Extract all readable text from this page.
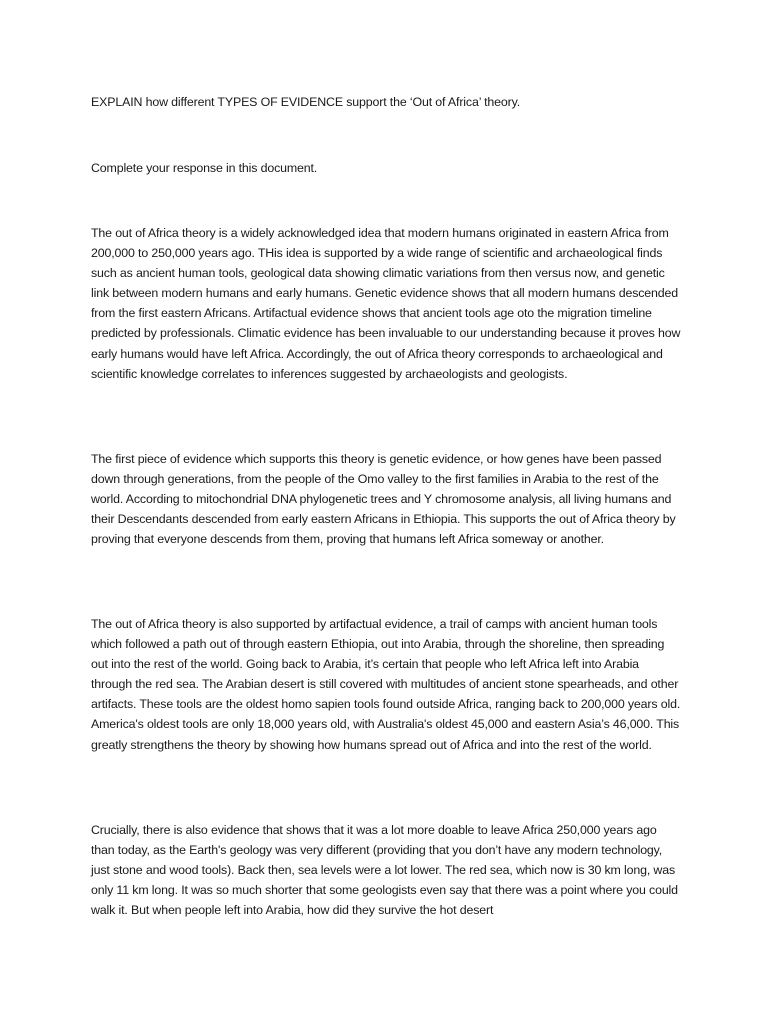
EXPLAIN how different TYPES OF EVIDENCE support the ‘Out of Africa’ theory.

Complete your response in this document.

The out of Africa theory is a widely acknowledged idea that modern humans originated in eastern Africa from 200,000 to 250,000 years ago. THis idea is supported by a wide range of scientific and archaeological finds such as ancient human tools, geological data showing climatic variations from then versus now, and genetic link between modern humans and early humans. Genetic evidence shows that all modern humans descended from the first eastern Africans. Artifactual evidence shows that ancient tools age oto the migration timeline predicted by professionals. Climatic evidence has been invaluable to our understanding because it proves how early humans would have left Africa. Accordingly, the out of Africa theory corresponds to archaeological and scientific knowledge correlates to inferences suggested by archaeologists and geologists.

The first piece of evidence which supports this theory is genetic evidence, or how genes have been passed down through generations, from the people of the Omo valley to the first families in Arabia to the rest of the world. According to mitochondrial DNA phylogenetic trees and Y chromosome analysis, all living humans and their Descendants descended from early eastern Africans in Ethiopia. This supports the out of Africa theory by proving that everyone descends from them, proving that humans left Africa someway or another.

The out of Africa theory is also supported by artifactual evidence, a trail of camps with ancient human tools which followed a path out of through eastern Ethiopia, out into Arabia, through the shoreline, then spreading out into the rest of the world. Going back to Arabia, it’s certain that people who left Africa left into Arabia through the red sea. The Arabian desert is still covered with multitudes of ancient stone spearheads, and other artifacts. These tools are the oldest homo sapien tools found outside Africa, ranging back to 200,000 years old. America's oldest tools are only 18,000 years old, with Australia's oldest 45,000 and eastern Asia’s 46,000. This greatly strengthens the theory by showing how humans spread out of Africa and into the rest of the world.

Crucially, there is also evidence that shows that it was a lot more doable to leave Africa 250,000 years ago than today, as the Earth's geology was very different (providing that you don’t have any modern technology, just stone and wood tools). Back then, sea levels were a lot lower. The red sea, which now is 30 km long, was only 11 km long. It was so much shorter that some geologists even say that there was a point where you could walk it. But when people left into Arabia, how did they survive the hot desert
